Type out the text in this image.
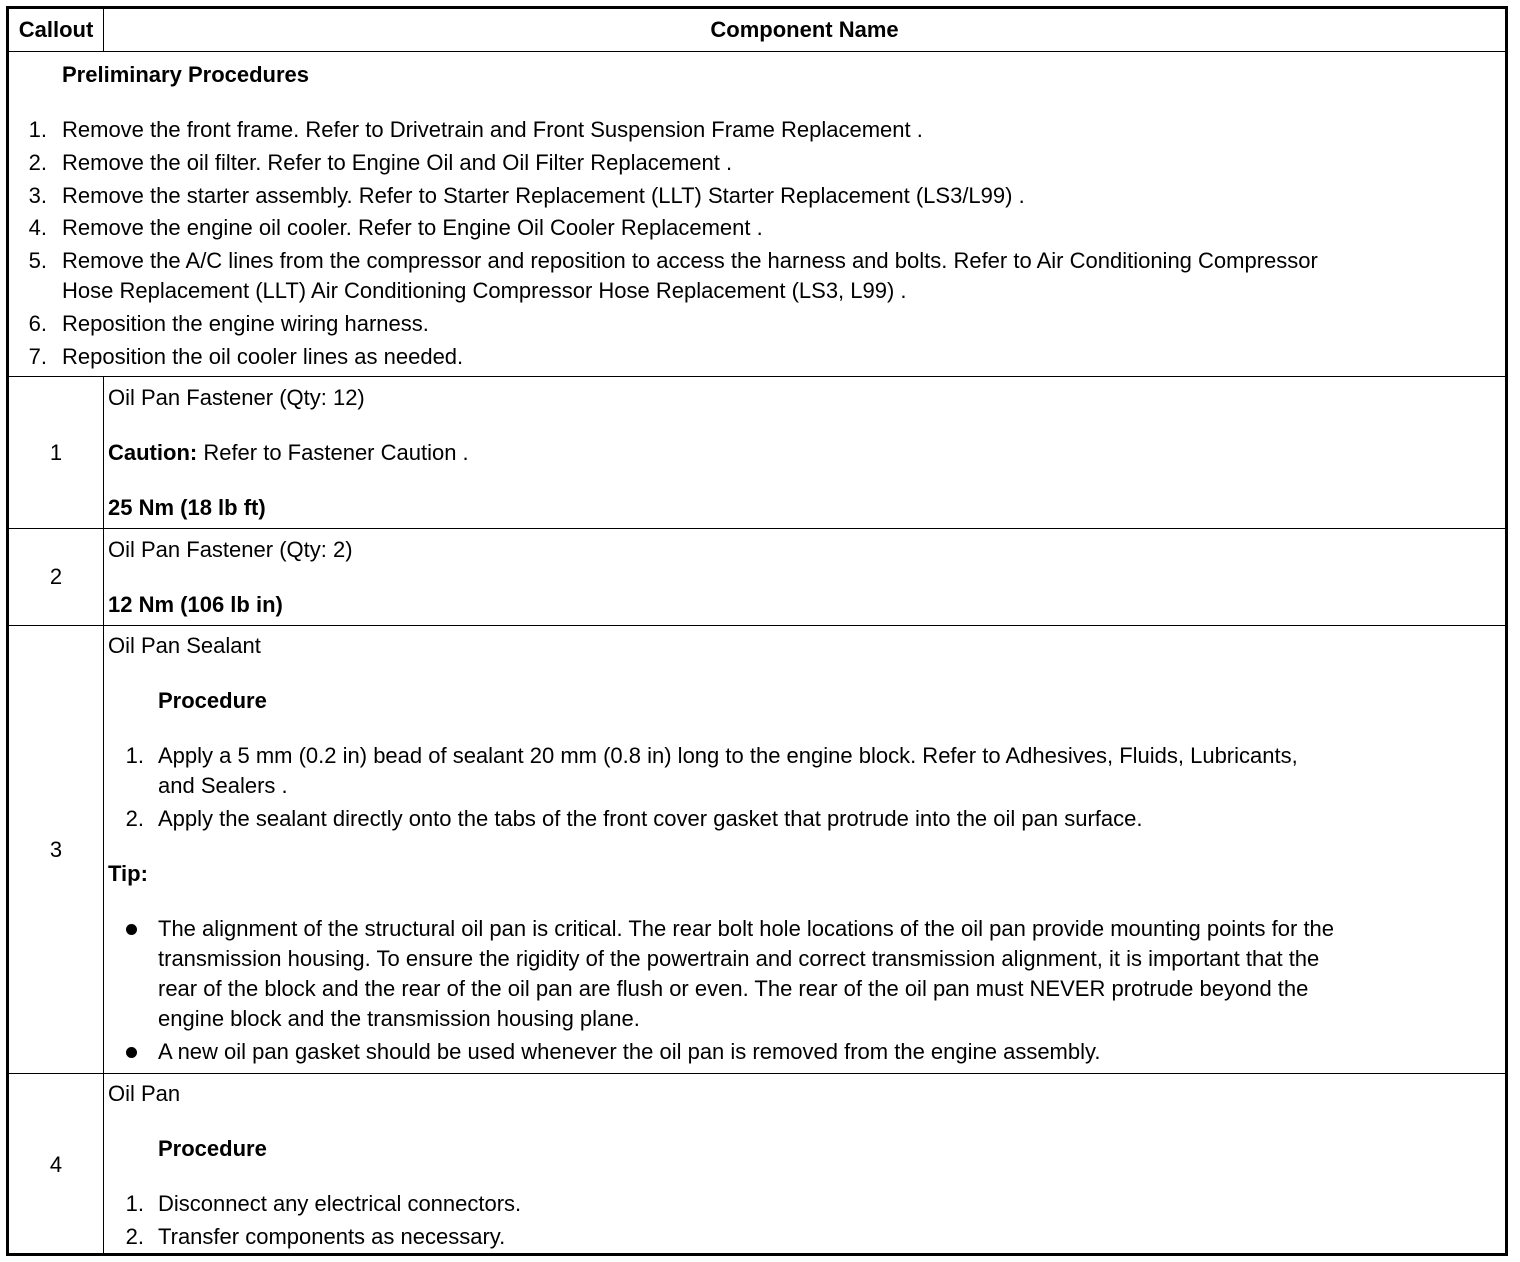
Callout	Component Name
Preliminary Procedures
1. Remove the front frame. Refer to Drivetrain and Front Suspension Frame Replacement .
2. Remove the oil filter. Refer to Engine Oil and Oil Filter Replacement .
3. Remove the starter assembly. Refer to Starter Replacement (LLT) Starter Replacement (LS3/L99) .
4. Remove the engine oil cooler. Refer to Engine Oil Cooler Replacement .
5. Remove the A/C lines from the compressor and reposition to access the harness and bolts. Refer to Air Conditioning Compressor
Hose Replacement (LLT) Air Conditioning Compressor Hose Replacement (LS3, L99) .
6. Reposition the engine wiring harness.
7. Reposition the oil cooler lines as needed.
1
Oil Pan Fastener (Qty: 12)
Caution: Refer to Fastener Caution .
25 Nm (18 lb ft)
2
Oil Pan Fastener (Qty: 2)
12 Nm (106 lb in)
3
Oil Pan Sealant
Procedure
1. Apply a 5 mm (0.2 in) bead of sealant 20 mm (0.8 in) long to the engine block. Refer to Adhesives, Fluids, Lubricants,
and Sealers .
2. Apply the sealant directly onto the tabs of the front cover gasket that protrude into the oil pan surface.
Tip:
The alignment of the structural oil pan is critical. The rear bolt hole locations of the oil pan provide mounting points for the
transmission housing. To ensure the rigidity of the powertrain and correct transmission alignment, it is important that the
rear of the block and the rear of the oil pan are flush or even. The rear of the oil pan must NEVER protrude beyond the
engine block and the transmission housing plane.
A new oil pan gasket should be used whenever the oil pan is removed from the engine assembly.
4
Oil Pan
Procedure
1. Disconnect any electrical connectors.
2. Transfer components as necessary.
